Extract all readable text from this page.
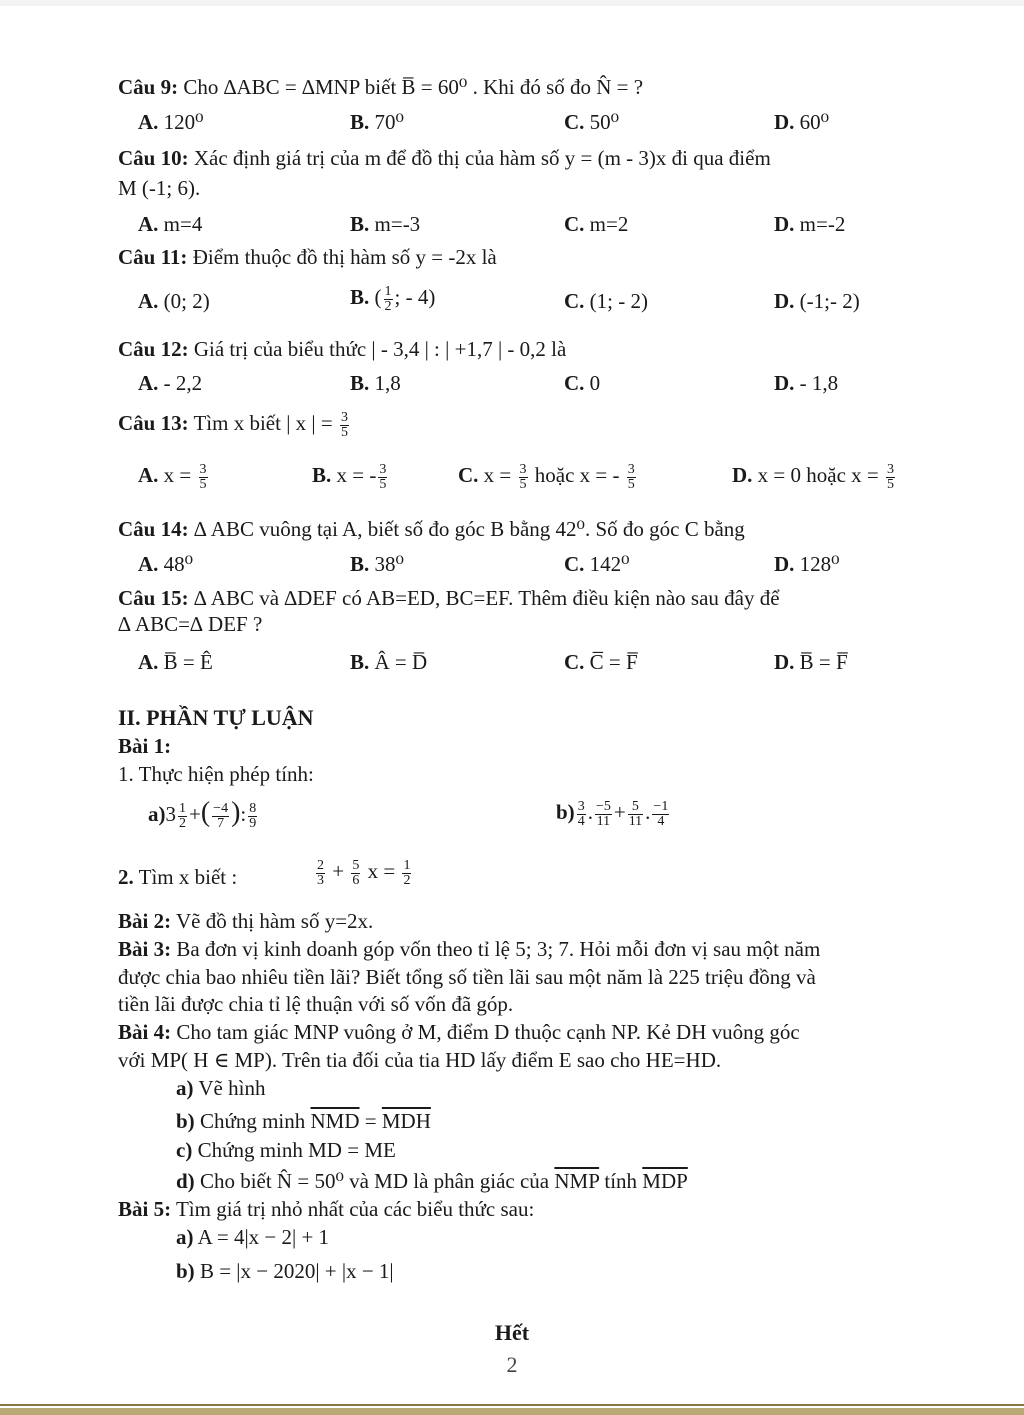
Câu 9: Cho ∆ABC = ∆MNP biết B̅ = 60⁰ . Khi đó số đo N̂ = ?
A. 120⁰	B. 70⁰	C. 50⁰	D. 60⁰
Câu 10: Xác định giá trị của m để đồ thị của hàm số y = (m - 3)x đi qua điểm
M (-1; 6).
A. m=4	B. m=-3	C. m=2	D. m=-2
Câu 11: Điểm thuộc đồ thị hàm số y = -2x là
A. (0; 2)	B. ( $\frac{1}{2}$ ; - 4)	C. (1; - 2)	D. (-1;- 2)
Câu 12: Giá trị của biểu thức | - 3,4 | : | +1,7 | - 0,2 là
A. - 2,2	B. 1,8	C. 0	D. - 1,8
Câu 13: Tìm x biết | x | = $\frac{3}{5}$
A. $x = \frac{3}{5}$	B. x = - $\frac{3}{5}$	C. $x = \frac{3}{5}$ hoặc x = - $\frac{3}{5}$	D. x = 0 hoặc $x = \frac{3}{5}$
Câu 14: ∆ ABC vuông tại A, biết số đo góc B bằng 42⁰. Số đo góc C bằng
A. 48⁰	B. 38⁰	C. 142⁰	D. 128⁰
Câu 15: ∆ ABC và ∆DEF có AB=ED, BC=EF. Thêm điều kiện nào sau đây để
∆ ABC=∆ DEF ?
A. B̅ = Ê	B. Â = D̅	C. C̅ = F̅	D. B̅ = F̅
II. PHẦN TỰ LUẬN
Bài 1:
1. Thực hiện phép tính:
$a)3 \frac{1}{2}$ +( $\frac{-4}{7}$ ): $\frac{8}{9}$	$b) \frac{3}{4}$ . $\frac{-5}{11} + \frac{5}{11}$ . $\frac{-1}{4}$
2. Tìm x biết :	$\frac{2}{3} + \frac{5}{6}$ $x = \frac{1}{2}$
Bài 2: Vẽ đồ thị hàm số y=2x.
Bài 3: Ba đơn vị kinh doanh góp vốn theo tỉ lệ 5; 3; 7. Hỏi mỗi đơn vị sau một năm
được chia bao nhiêu tiền lãi? Biết tổng số tiền lãi sau một năm là 225 triệu đồng và
tiền lãi được chia tỉ lệ thuận với số vốn đã góp.
Bài 4: Cho tam giác MNP vuông ở M, điểm D thuộc cạnh NP. Kẻ DH vuông góc
với MP( H ∈ MP). Trên tia đối của tia HD lấy điểm E sao cho HE=HD.
a) Vẽ hình
b) Chứng minh $\overline{NMD} = \overline{MDH}$
c) Chứng minh MD = ME
d) Cho biết N̂ = 50⁰ và MD là phân giác của $\overline{NMP}$ tính $\overline{MDP}$
Bài 5: Tìm giá trị nhỏ nhất của các biểu thức sau:
a) A = 4|x − 2| + 1
b) B = |x − 2020| + |x − 1|
Hết
2
